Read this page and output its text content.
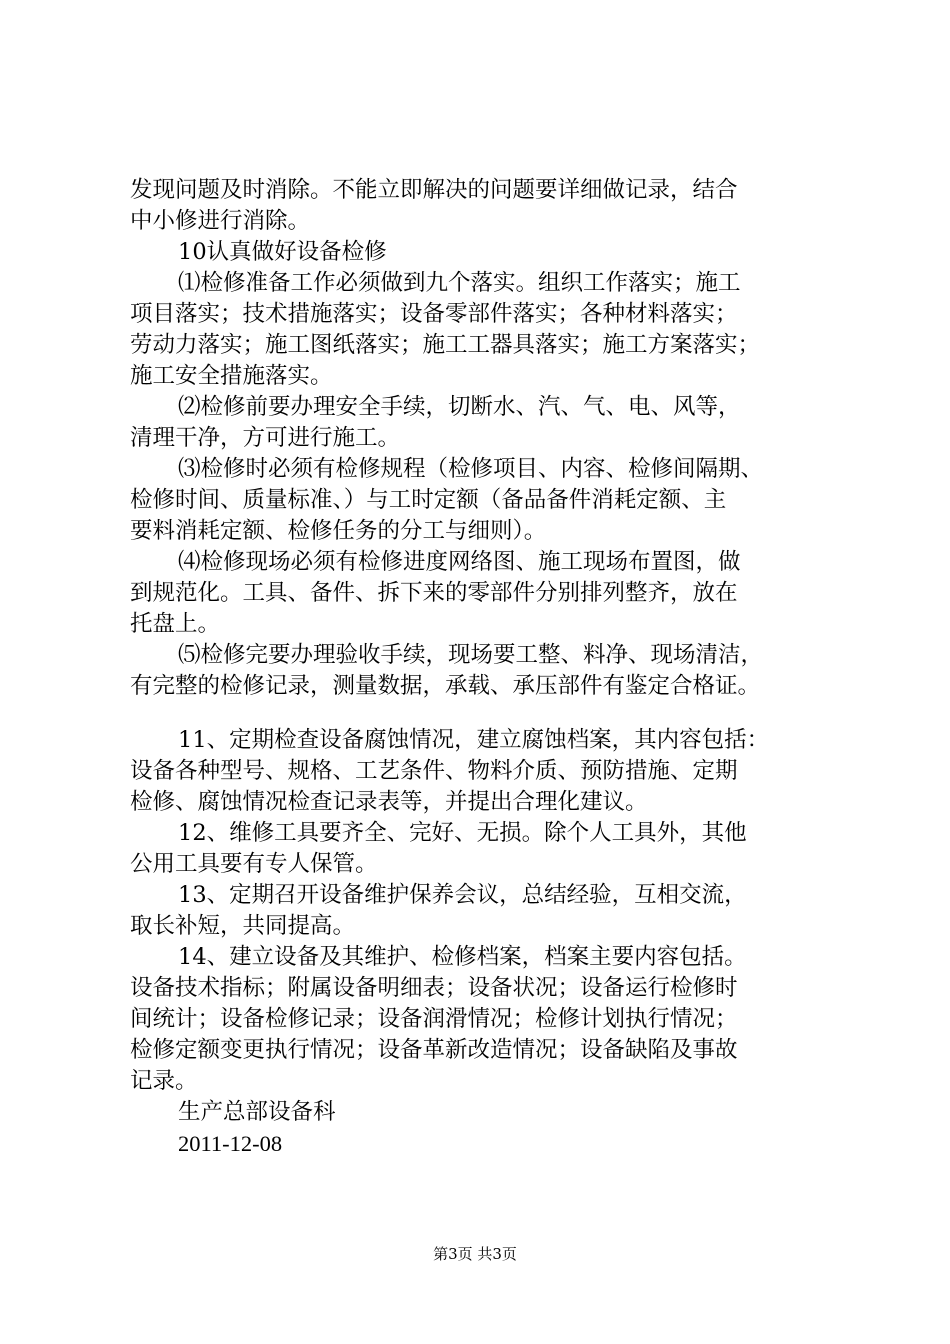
发现问题及时消除。不能立即解决的问题要详细做记录，结合
中小修进行消除。
10认真做好设备检修
⑴检修准备工作必须做到九个落实。组织工作落实；施工
项目落实；技术措施落实；设备零部件落实；各种材料落实；
劳动力落实；施工图纸落实；施工工器具落实；施工方案落实；
施工安全措施落实。
⑵检修前要办理安全手续，切断水、汽、气、电、风等，
清理干净，方可进行施工。
⑶检修时必须有检修规程（检修项目、内容、检修间隔期、
检修时间、质量标准、）与工时定额（备品备件消耗定额、主
要料消耗定额、检修任务的分工与细则）。
⑷检修现场必须有检修进度网络图、施工现场布置图，做
到规范化。工具、备件、拆下来的零部件分别排列整齐，放在
托盘上。
⑸检修完要办理验收手续，现场要工整、料净、现场清洁，
有完整的检修记录，测量数据，承载、承压部件有鉴定合格证。
11、定期检查设备腐蚀情况，建立腐蚀档案，其内容包括：
设备各种型号、规格、工艺条件、物料介质、预防措施、定期
检修、腐蚀情况检查记录表等，并提出合理化建议。
12、维修工具要齐全、完好、无损。除个人工具外，其他
公用工具要有专人保管。
13、定期召开设备维护保养会议，总结经验，互相交流，
取长补短，共同提高。
14、建立设备及其维护、检修档案，档案主要内容包括。
设备技术指标；附属设备明细表；设备状况；设备运行检修时
间统计；设备检修记录；设备润滑情况；检修计划执行情况；
检修定额变更执行情况；设备革新改造情况；设备缺陷及事故
记录。
生产总部设备科
2011-12-08
第3页 共3页
